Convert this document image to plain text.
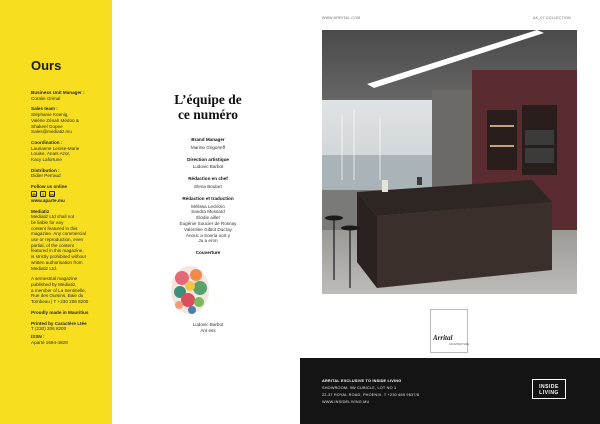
Ours
Business Unit Manager :
Coralie Grimal
Sales team :
Stéphanie Koenig,
Valérie Zénah Médoo &
Shakeel Gopee
Sales@mediatiz.mu
Coordination :
Laurianne Lenise-Marie
Louise, Anaïs Azor,
Kacy Lafortune
Distribution :
Didier Perraud
Follow us online
◎	f	in
www.aparte.mu
Mediatiz
Mediatiz Ltd shall not
be liable for any
content featured in this
magazine. Any commercial
use or reproduction, even
partial, of the content
featured in this magazine,
is strictly prohibited without
written authorisation from
Mediatiz Ltd.
A semestrial magazine
published by Mediatiz,
a member of La Sentinelle,
Rue des Oursins, Baie du
Tombeau | T +230 206 8200
Proudly made in Mauritius
Printed by Caractère Ltée
T (230) 206 8200
ISSN :
Aparté 1694-4828
L’équipe de
ce numéro
Brand Manager
Marine Grigorieff
Direction artistique
Ludovic Barbot
Rédaction en chef
Elena Boulart
Rédaction et traduction
Mélissa Leclézio
Sandra Mussard
Élodie aillet
Eugénie Soucier de Rosnay
Valentine Giblot Ducray
Anouc a Sooria oort y
Ju a eron
Couverture
Ludovic Barbot
Ant ess
WWW.ARRITAL.COM	AK_07 COLLECTION
Arrital
AKCHITECTURE
ARRITAL EXCLUSIVE TO INSIDE LIVING
SHOWROOM: 9W CUBICLE, LOT NO 1
22-37 ROYAL ROAD, PHOENIX. T +230 659 9637/8
WWW.INSIDELIVING.MU
INSIDE
LIVING
